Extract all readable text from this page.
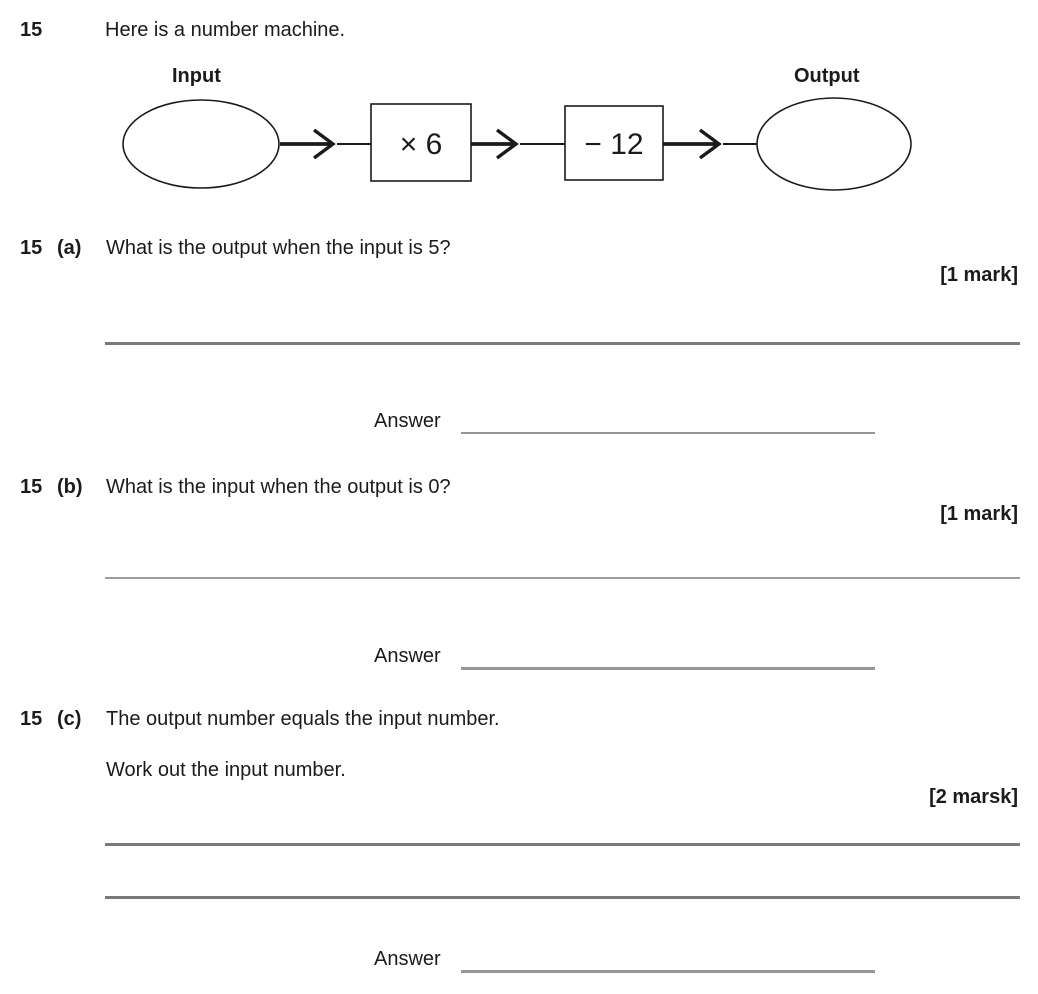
15	Here is a number machine.
Input	Output
× 6	− 12
15 (a) What is the output when the input is 5?
[1 mark]
Answer
15 (b) What is the input when the output is 0?
[1 mark]
Answer
15 (c) The output number equals the input number.
Work out the input number.
[2 marsk]
Answer
